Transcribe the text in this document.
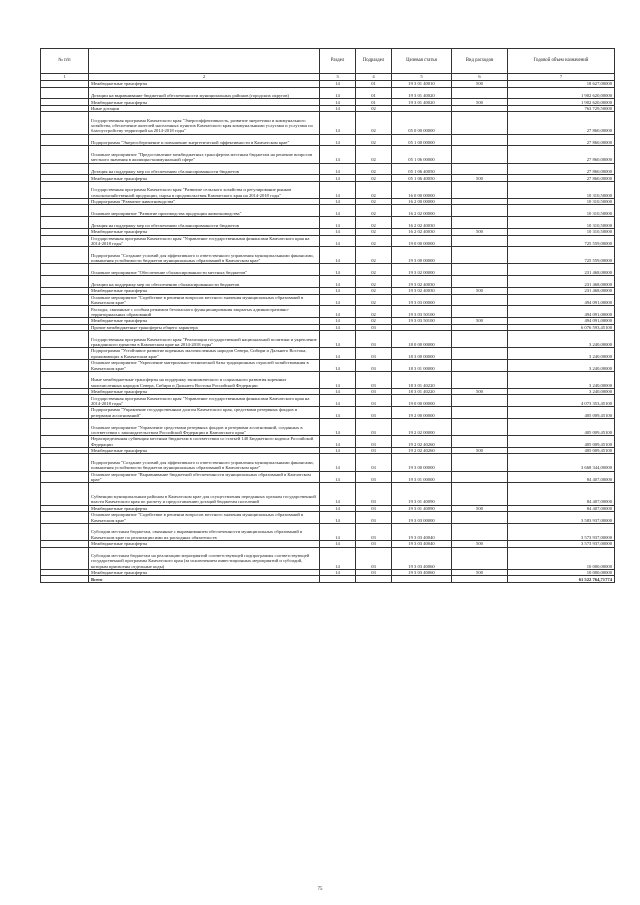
№ п/п		Раздел	Подраздел	Целевая статья	Вид расходов	Годовой объем назначений
1	2	3	4	5	6	7
	Межбюджетные трансферты	14	01	19 3 01 40010	500	18 627,00000
	Дотации на выравнивание бюджетной обеспеченности муниципальных районов (городских округов)	14	01	19 3 01 40020		1 902 620,00000
	Межбюджетные трансферты	14	01	19 3 01 40020	500	1 902 620,00000
	Иные дотации	14	02			763 729,50000
	Государственная программа Камчатского края "Энергоэффективность, развитие энергетики и коммунального хозяйства, обеспечение жителей населенных пунктов Камчатского края коммунальными услугами и услугами по благоустройству территорий на 2014-2018 годы"	14	02	05 0 00 00000		27 860,00000
	Подпрограмма "Энергосбережение и повышение энергетической эффективности в Камчатском крае"	14	02	05 1 00 00000		27 860,00000
	Основное мероприятие "Предоставление межбюджетных трансфертов местным бюджетам на решение вопросов местного значения в жилищно-коммунальной сфере"	14	02	05 1 06 00000		27 860,00000
	Дотация на поддержку мер по обеспечению сбалансированности бюджетов	14	02	05 1 06 40050		27 860,00000
	Межбюджетные трансферты	14	02	05 1 06 40050	500	27 860,00000
	Государственная программа Камчатского края "Развитие сельского хозяйства и регулирование рынков сельскохозяйственной продукции, сырья и продовольствия Камчатского края на 2014-2018 годы"	14	02	16 0 00 00000		10 310,50000
	Подпрограмма "Развитие животноводства"	14	02	16 2 00 00000		10 310,50000
	Основное мероприятие "Развитие производства продукции животноводства"	14	02	16 2 02 00000		10 310,50000
	Дотация на поддержку мер по обеспечению сбалансированности бюджетов	14	02	16 2 02 40030		10 310,50000
	Межбюджетные трансферты	14	02	16 2 02 40030	500	10 310,50000
	Государственная программа Камчатского края "Управление государственными финансами Камчатского края на 2014-2018 годы"	14	02	19 0 00 00000		725 559,00000
	Подпрограмма "Создание условий для эффективного и ответственного управления муниципальными финансами, повышения устойчивости бюджетов муниципальных образований в Камчатском крае"	14	02	19 3 00 00000		725 559,00000
	Основное мероприятие "Обеспечение сбалансированности местных бюджетов"	14	02	19 3 02 00000		231 468,00000
	Дотации на поддержку мер по обеспечению сбалансированности бюджетов	14	02	19 3 02 40030		231 468,00000
	Межбюджетные трансферты	14	02	19 3 02 40030	500	231 468,00000
	Основное мероприятие "Содействие в решении вопросов местного значения муниципальных образований в Камчатском крае"	14	02	19 3 03 00000		494 091,00000
	Расходы, связанные с особым режимом безопасного функционирования закрытых административно-территориальных образований	14	02	19 3 03 50100		494 091,00000
	Межбюджетные трансферты	14	02	19 3 03 50100	500	494 091,00000
	Прочие межбюджетные трансферты общего характера	14	03			6 076 593,45100
	Государственная программа Камчатского края "Реализация государственной национальной политики и укрепление гражданского единства в Камчатском крае на 2014-2018 годы"	14	03	18 0 00 00000		3 240,00000
	Подпрограмма "Устойчивое развитие коренных малочисленных народов Севера, Сибири и Дальнего Востока, проживающих в Камчатском крае"	14	03	18 3 00 00000		3 240,00000
	Основное мероприятие "Укрепление материально-технической базы традиционных отраслей хозяйствования в Камчатском крае"	14	03	18 3 01 00000		3 240,00000
	Иные межбюджетные трансферты на поддержку экономического и социального развития коренных малочисленных народов Севера, Сибири и Дальнего Востока Российской Федерации	14	03	18 3 01 40220		3 240,00000
	Межбюджетные трансферты	14	03	18 3 01 40220	500	3 240,00000
	Государственная программа Камчатского края "Управление государственными финансами Камчатского края на 2014-2018 годы"	14	03	19 0 00 00000		4 073 353,45100
	Подпрограмма "Управление государственным долгом Камчатского края, средствами резервных фондов и резервами ассигнований"	14	03	19 2 00 00000		405 009,45100
	Основное мероприятие "Управление средствами резервных фондов и резервами ассигнований, созданных в соответствии с законодательством Российской Федерации и Камчатского края"	14	03	19 2 02 00000		405 009,45100
	Нераспределенная субвенция местным бюджетам в соответствии со статьей 140 Бюджетного кодекса Российской Федерации	14	03	19 2 02 40260		405 009,45100
	Межбюджетные трансферты	14	03	19 2 02 40260	500	405 009,45100
	Подпрограмма "Создание условий для эффективного и ответственного управления муниципальными финансами, повышения устойчивости бюджетов муниципальных образований в Камчатском крае"	14	03	19 3 00 00000		3 668 344,00000
	Основное мероприятие "Выравнивание бюджетной обеспеченности муниципальных образований в Камчатском крае"	14	03	19 3 01 00000		84 407,00000
	Субвенции муниципальным районам в Камчатском крае для осуществления переданных органам государственной власти Камчатского края по расчету и предоставлению дотаций бюджетам поселений	14	03	19 3 01 40090		84 407,00000
	Межбюджетные трансферты	14	03	19 3 01 40090	500	84 407,00000
	Основное мероприятие "Содействие в решении вопросов местного значения муниципальных образований в Камчатском крае"	14	03	19 3 03 00000		3 583 937,00000
	Субсидии местным бюджетам, связанные с выравниванием обеспеченности муниципальных образований в Камчатском крае по реализации ими их расходных обязательств	14	03	19 3 03 40040		3 573 937,00000
	Межбюджетные трансферты	14	03	19 3 03 40040	500	3 573 937,00000
	Субсидии местным бюджетам на реализацию мероприятий соответствующей подпрограммы соответствующей государственной программы Камчатского края (за исключением инвестиционных мероприятий и субсидий, которым присвоены отдельные коды)	14	03	19 3 03 40060		10 000,00000
	Межбюджетные трансферты	14	03	19 3 03 40060	500	10 000,00000
	Всего					61 522 764,71774
75
